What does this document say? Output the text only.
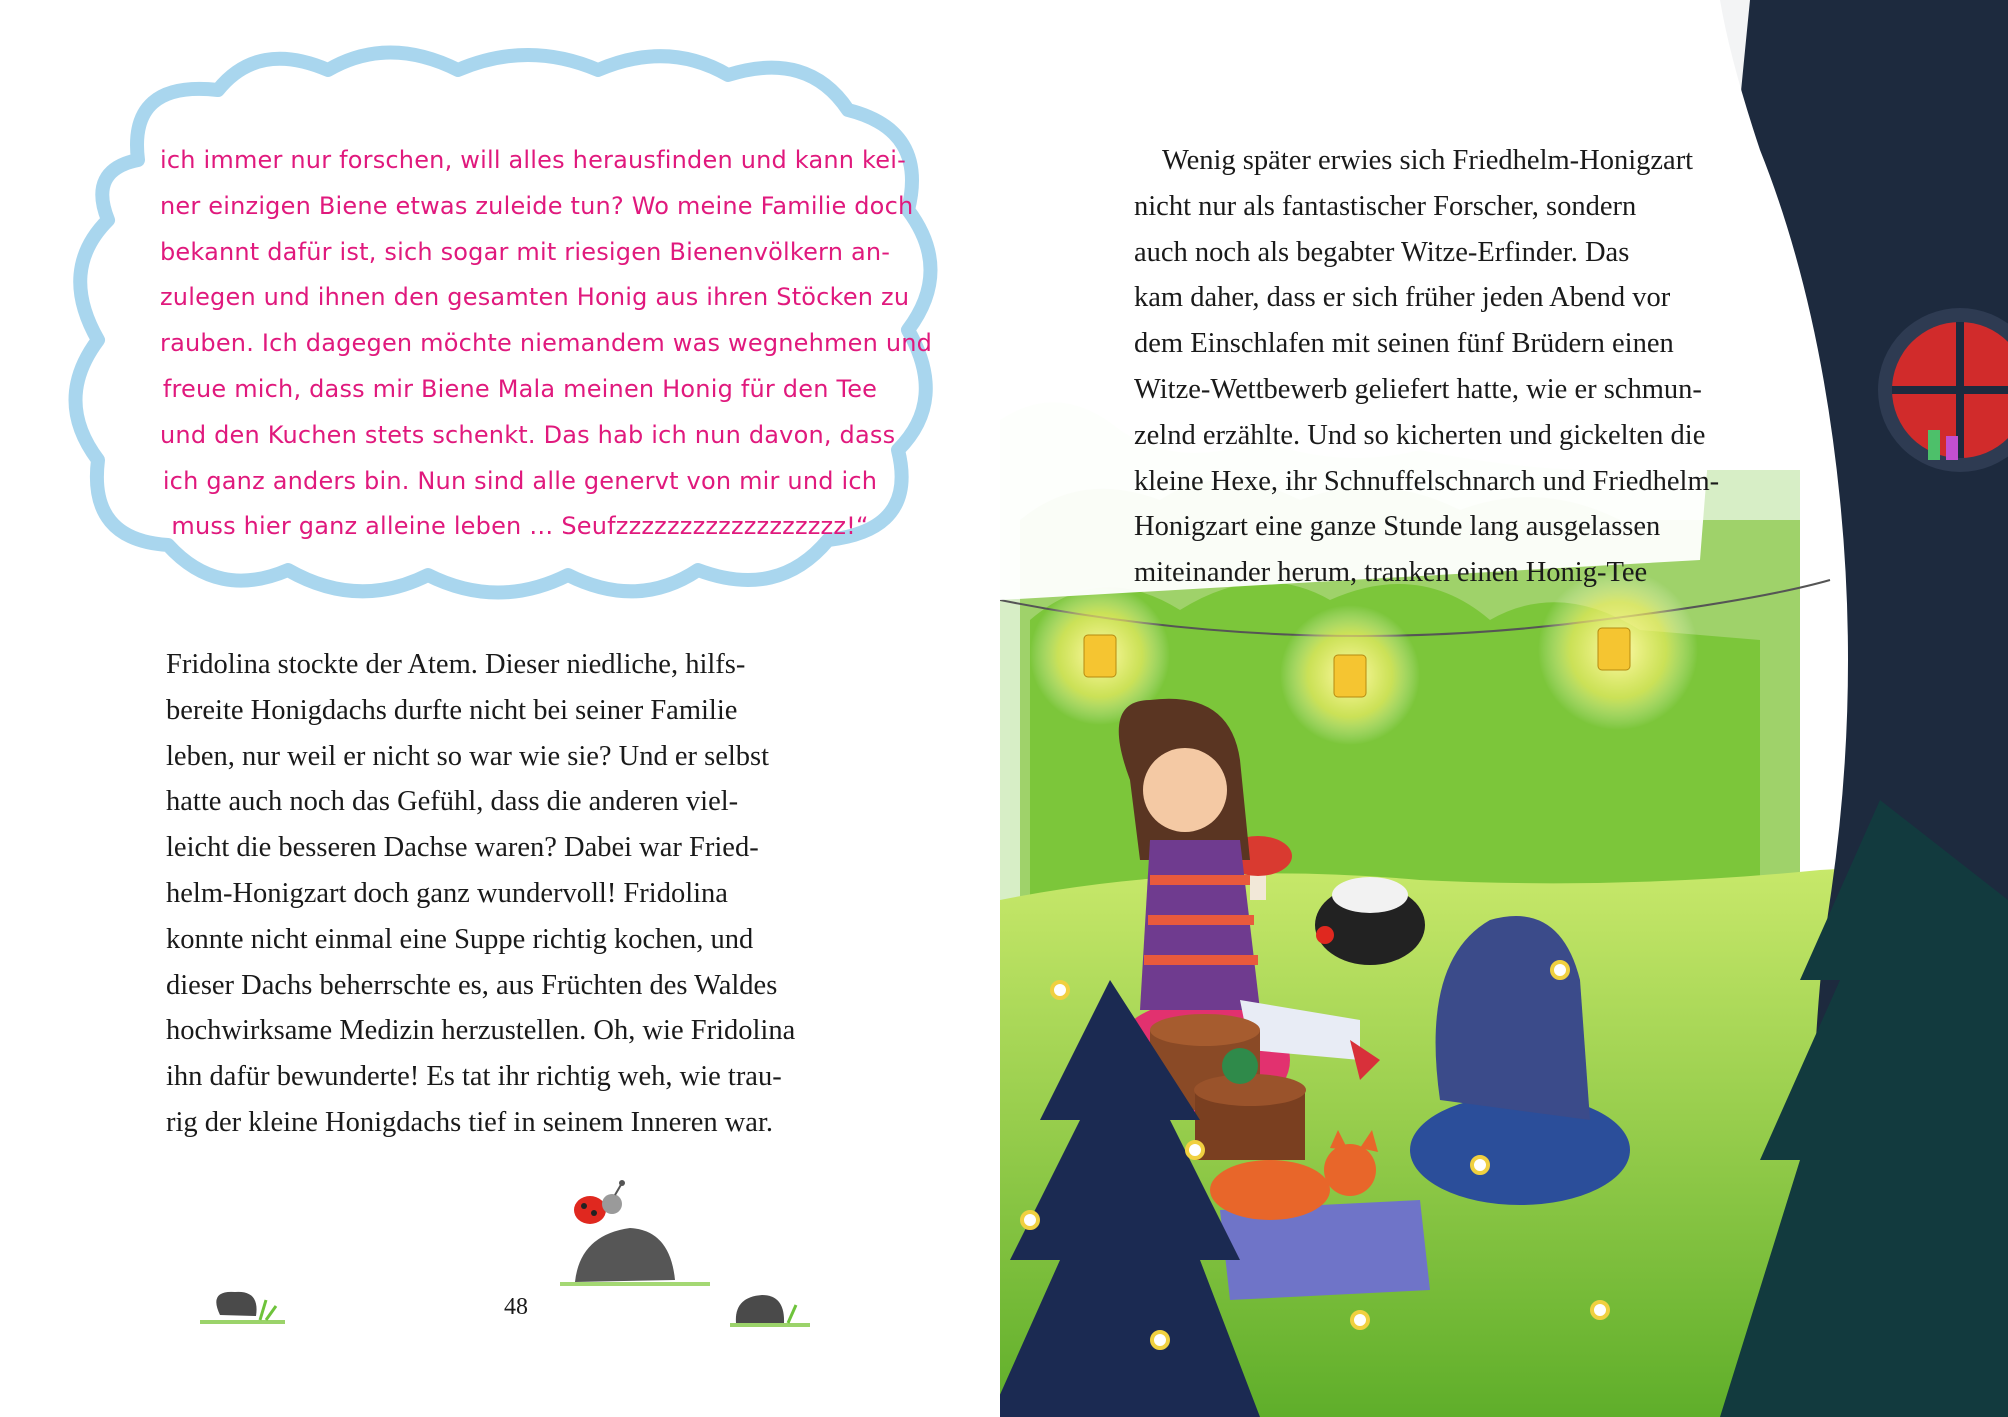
ich immer nur forschen, will alles herausfinden und kann kei-
ner einzigen Biene etwas zuleide tun? Wo meine Familie doch
bekannt dafür ist, sich sogar mit riesigen Bienenvölkern an-
zulegen und ihnen den gesamten Honig aus ihren Stöcken zu
rauben. Ich dagegen möchte niemandem was wegnehmen und
freue mich, dass mir Biene Mala meinen Honig für den Tee
und den Kuchen stets schenkt. Das hab ich nun davon, dass
ich ganz anders bin. Nun sind alle genervt von mir und ich
muss hier ganz alleine leben … Seufzzzzzzzzzzzzzzzzzz!“
Fridolina stockte der Atem. Dieser niedliche, hilfs-
bereite Honigdachs durfte nicht bei seiner Familie
leben, nur weil er nicht so war wie sie? Und er selbst
hatte auch noch das Gefühl, dass die anderen viel-
leicht die besseren Dachse waren? Dabei war Fried-
helm-Honigzart doch ganz wundervoll! Fridolina
konnte nicht einmal eine Suppe richtig kochen, und
dieser Dachs beherrschte es, aus Früchten des Waldes
hochwirksame Medizin herzustellen. Oh, wie Fridolina
ihn dafür bewunderte! Es tat ihr richtig weh, wie trau-
rig der kleine Honigdachs tief in seinem Inneren war.
48
Wenig später erwies sich Friedhelm-Honigzart
nicht nur als fantastischer Forscher, sondern
auch noch als begabter Witze-Erfinder. Das
kam daher, dass er sich früher jeden Abend vor
dem Einschlafen mit seinen fünf Brüdern einen
Witze-Wettbewerb geliefert hatte, wie er schmun-
zelnd erzählte. Und so kicherten und gickelten die
kleine Hexe, ihr Schnuffelschnarch und Friedhelm-
Honigzart eine ganze Stunde lang ausgelassen
miteinander herum, tranken einen Honig-Tee
